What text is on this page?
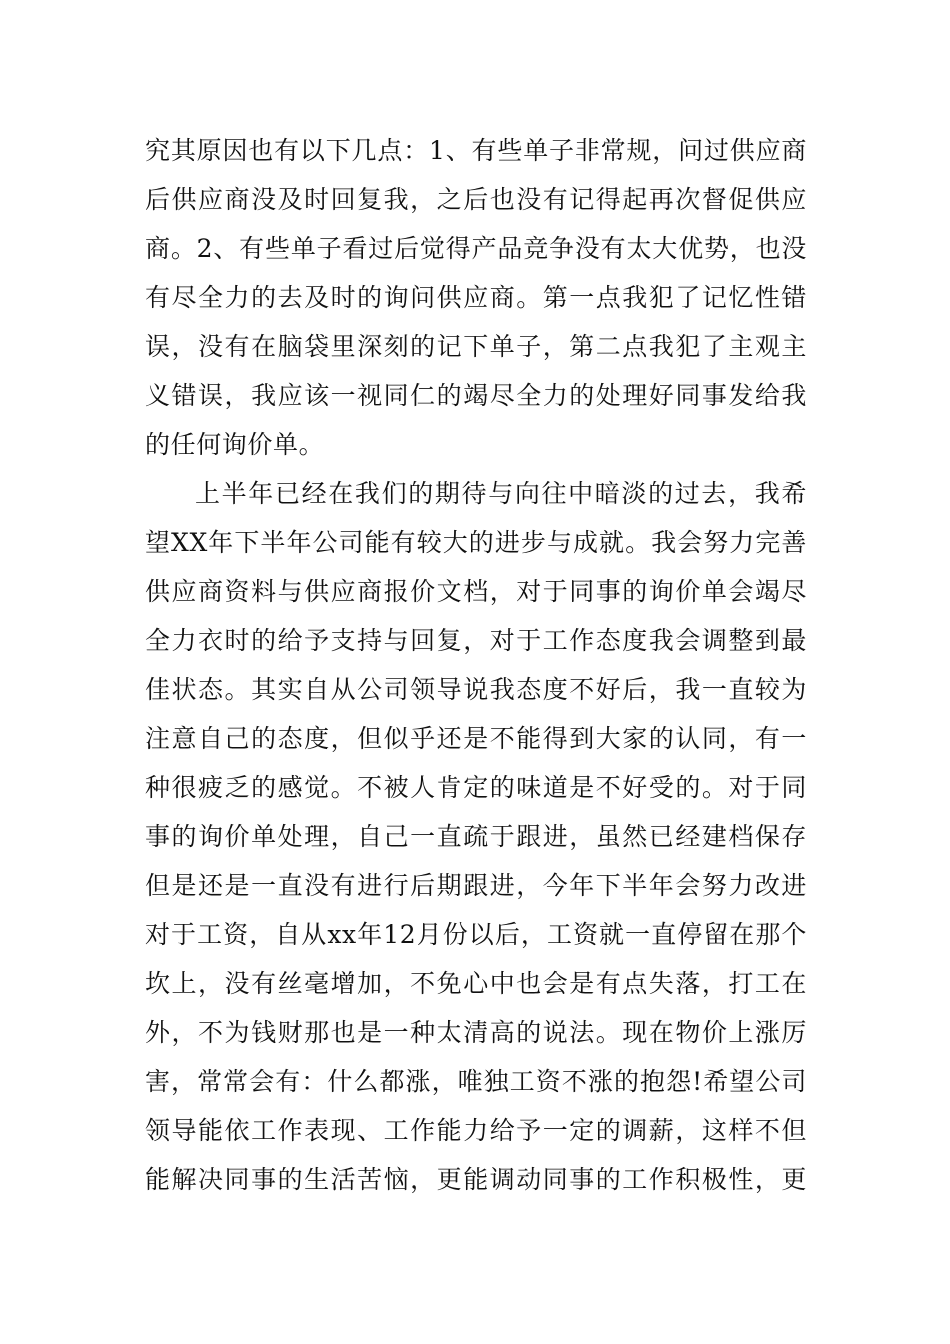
究其原因也有以下几点：1、有些单子非常规，问过供应商
后供应商没及时回复我，之后也没有记得起再次督促供应
商。2、有些单子看过后觉得产品竞争没有太大优势，也没
有尽全力的去及时的询问供应商。第一点我犯了记忆性错
误，没有在脑袋里深刻的记下单子，第二点我犯了主观主
义错误，我应该一视同仁的竭尽全力的处理好同事发给我
的任何询价单。
上半年已经在我们的期待与向往中暗淡的过去，我希
望XX年下半年公司能有较大的进步与成就。我会努力完善
供应商资料与供应商报价文档，对于同事的询价单会竭尽
全力衣时的给予支持与回复，对于工作态度我会调整到最
佳状态。其实自从公司领导说我态度不好后，我一直较为
注意自己的态度，但似乎还是不能得到大家的认同，有一
种很疲乏的感觉。不被人肯定的味道是不好受的。对于同
事的询价单处理，自己一直疏于跟进，虽然已经建档保存
但是还是一直没有进行后期跟进，今年下半年会努力改进
对于工资，自从xx年12月份以后，工资就一直停留在那个
坎上，没有丝毫增加，不免心中也会是有点失落，打工在
外，不为钱财那也是一种太清高的说法。现在物价上涨厉
害，常常会有：什么都涨，唯独工资不涨的抱怨!希望公司
领导能依工作表现、工作能力给予一定的调薪，这样不但
能解决同事的生活苦恼，更能调动同事的工作积极性，更
